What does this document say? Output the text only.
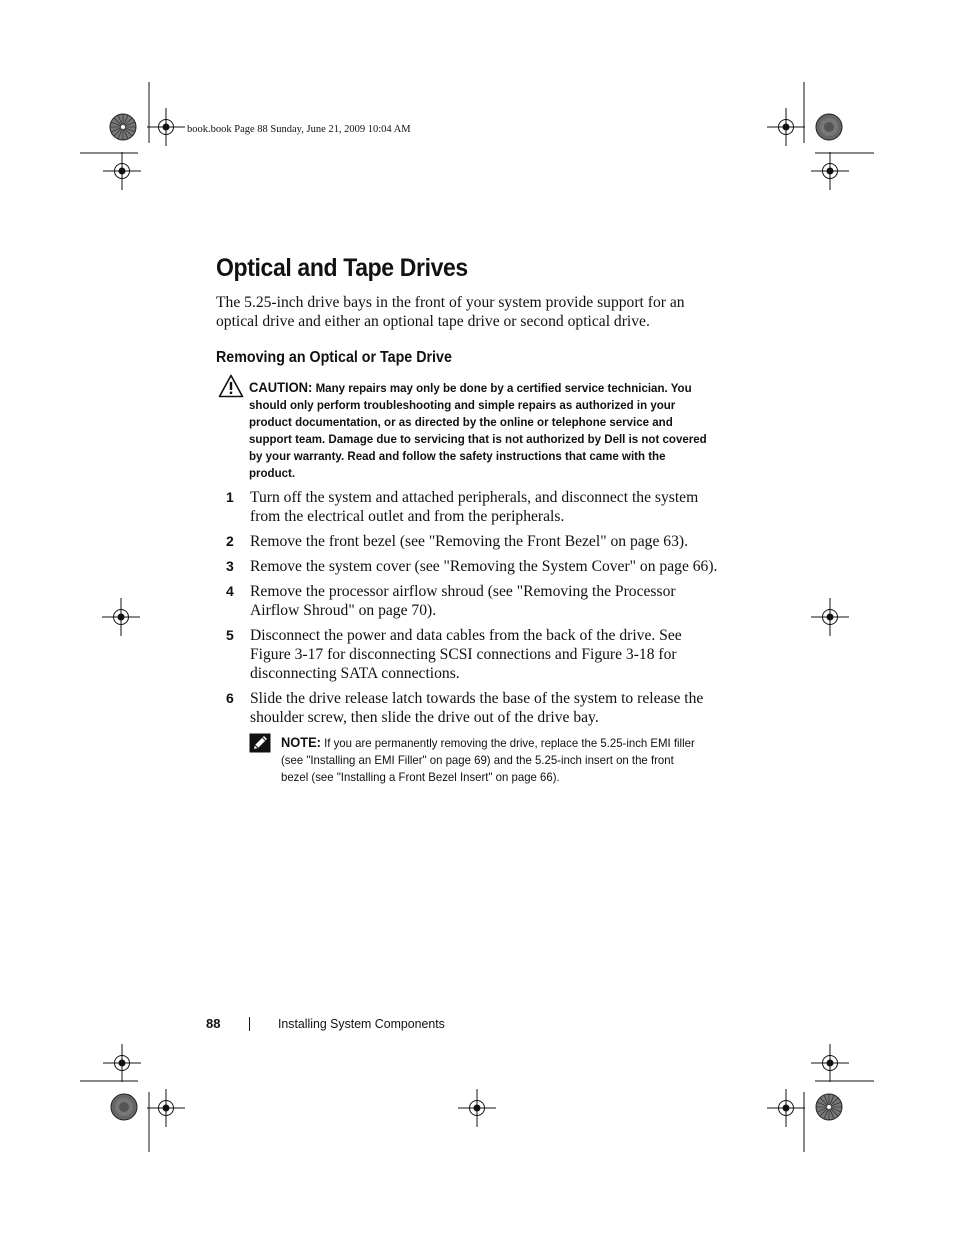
book.book Page 88 Sunday, June 21, 2009 10:04 AM
Optical and Tape Drives

The 5.25-inch drive bays in the front of your system provide support for an optical drive and either an optional tape drive or second optical drive.

Removing an Optical or Tape Drive

CAUTION: Many repairs may only be done by a certified service technician. You should only perform troubleshooting and simple repairs as authorized in your product documentation, or as directed by the online or telephone service and support team. Damage due to servicing that is not authorized by Dell is not covered by your warranty. Read and follow the safety instructions that came with the product.

1 Turn off the system and attached peripherals, and disconnect the system from the electrical outlet and from the peripherals.
2 Remove the front bezel (see "Removing the Front Bezel" on page 63).
3 Remove the system cover (see "Removing the System Cover" on page 66).
4 Remove the processor airflow shroud (see "Removing the Processor Airflow Shroud" on page 70).
5 Disconnect the power and data cables from the back of the drive. See Figure 3-17 for disconnecting SCSI connections and Figure 3-18 for disconnecting SATA connections.
6 Slide the drive release latch towards the base of the system to release the shoulder screw, then slide the drive out of the drive bay.

NOTE: If you are permanently removing the drive, replace the 5.25-inch EMI filler (see "Installing an EMI Filler" on page 69) and the 5.25-inch insert on the front bezel (see "Installing a Front Bezel Insert" on page 66).

88	Installing System Components
